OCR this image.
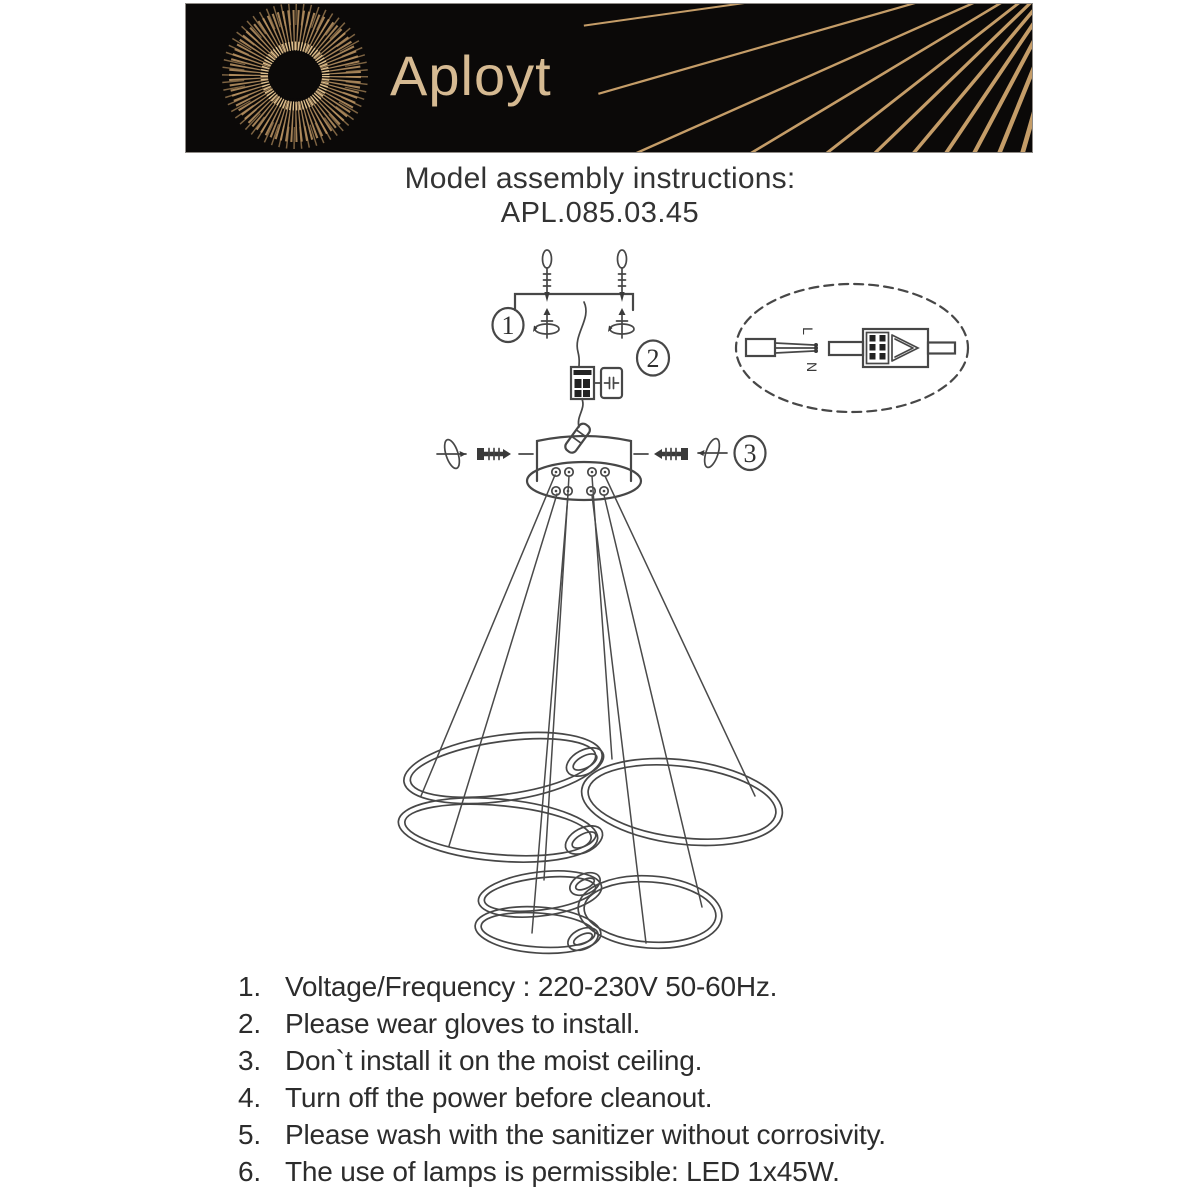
Aployt
Model assembly instructions:
APL.085.03.45
1
2
L
N
3
1. Voltage/Frequency : 220-230V 50-60Hz.
2. Please wear gloves to install.
3. Don`t install it on the moist ceiling.
4. Turn off the power before cleanout.
5. Please wash with the sanitizer without corrosivity.
6. The use of lamps is permissible: LED 1x45W.
